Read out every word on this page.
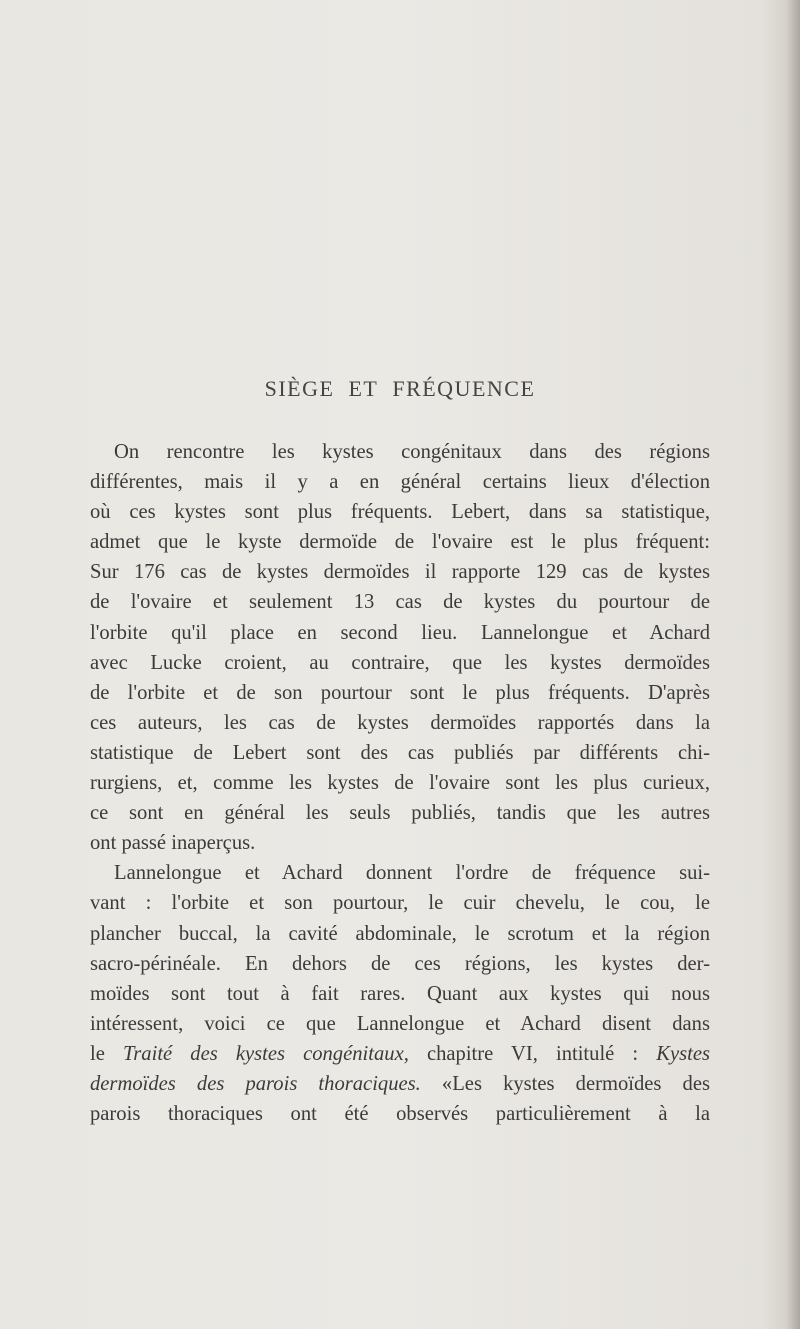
SIÈGE ET FRÉQUENCE
On rencontre les kystes congénitaux dans des régions
différentes, mais il y a en général certains lieux d'élection
où ces kystes sont plus fréquents. Lebert, dans sa statistique,
admet que le kyste dermoïde de l'ovaire est le plus fréquent:
Sur 176 cas de kystes dermoïdes il rapporte 129 cas de kystes
de l'ovaire et seulement 13 cas de kystes du pourtour de
l'orbite qu'il place en second lieu. Lannelongue et Achard
avec Lucke croient, au contraire, que les kystes dermoïdes
de l'orbite et de son pourtour sont le plus fréquents. D'après
ces auteurs, les cas de kystes dermoïdes rapportés dans la
statistique de Lebert sont des cas publiés par différents chi-
rurgiens, et, comme les kystes de l'ovaire sont les plus curieux,
ce sont en général les seuls publiés, tandis que les autres
ont passé inaperçus.
Lannelongue et Achard donnent l'ordre de fréquence sui-
vant : l'orbite et son pourtour, le cuir chevelu, le cou, le
plancher buccal, la cavité abdominale, le scrotum et la région
sacro-périnéale. En dehors de ces régions, les kystes der-
moïdes sont tout à fait rares. Quant aux kystes qui nous
intéressent, voici ce que Lannelongue et Achard disent dans
le Traité des kystes congénitaux, chapitre VI, intitulé : Kystes
dermoïdes des parois thoraciques. «Les kystes dermoïdes des
parois thoraciques ont été observés particulièrement à la
